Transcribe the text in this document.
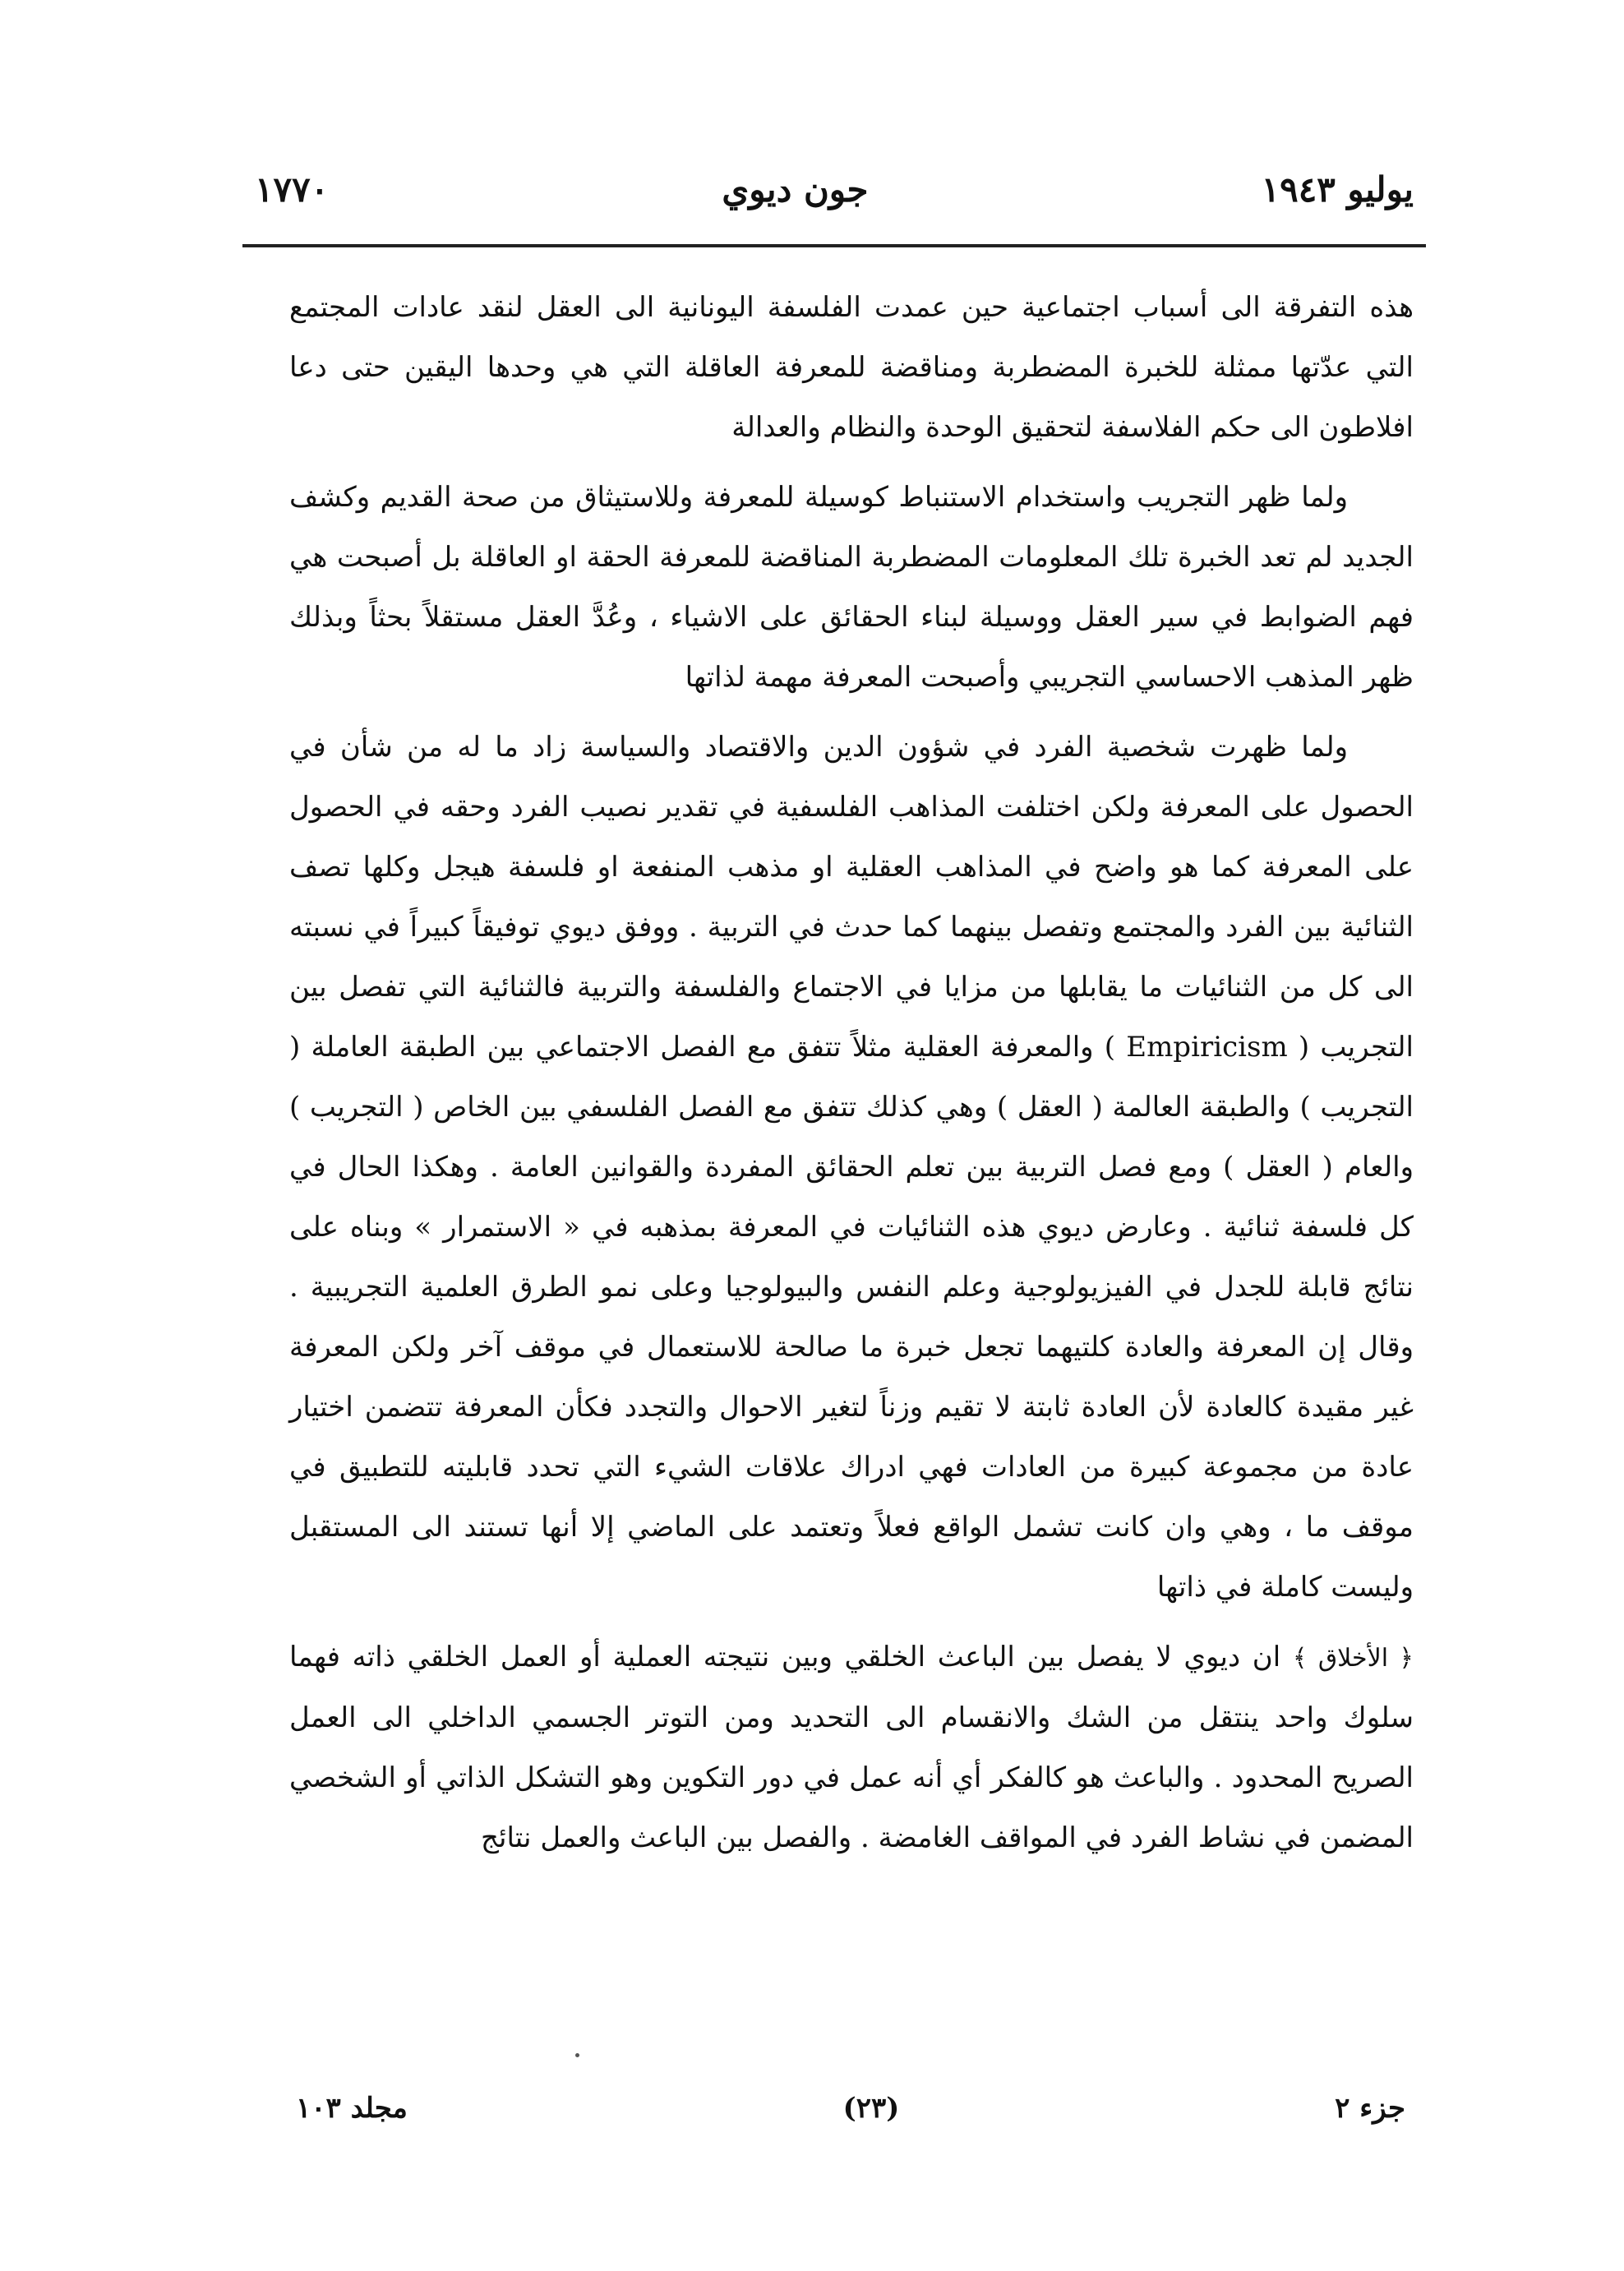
يوليو ١٩٤٣
جون ديوي
١٧٧٠

هذه التفرقة الى أسباب اجتماعية حين عمدت الفلسفة اليونانية الى العقل لنقد عادات المجتمع التي عدّتها ممثلة للخبرة المضطربة ومناقضة للمعرفة العاقلة التي هي وحدها اليقين حتى دعا افلاطون الى حكم الفلاسفة لتحقيق الوحدة والنظام والعدالة

ولما ظهر التجريب واستخدام الاستنباط كوسيلة للمعرفة وللاستيثاق من صحة القديم وكشف الجديد لم تعد الخبرة تلك المعلومات المضطربة المناقضة للمعرفة الحقة او العاقلة بل أصبحت هي فهم الضوابط في سير العقل ووسيلة لبناء الحقائق على الاشياء ، وعُدَّ العقل مستقلاً بحثاً وبذلك ظهر المذهب الاحساسي التجريبي وأصبحت المعرفة مهمة لذاتها

ولما ظهرت شخصية الفرد في شؤون الدين والاقتصاد والسياسة زاد ما له من شأن في الحصول على المعرفة ولكن اختلفت المذاهب الفلسفية في تقدير نصيب الفرد وحقه في الحصول على المعرفة كما هو واضح في المذاهب العقلية او مذهب المنفعة او فلسفة هيجل وكلها تصف الثنائية بين الفرد والمجتمع وتفصل بينهما كما حدث في التربية . ووفق ديوي توفيقاً كبيراً في نسبته الى كل من الثنائيات ما يقابلها من مزايا في الاجتماع والفلسفة والتربية فالثنائية التي تفصل بين التجريب ( Empiricism ) والمعرفة العقلية مثلاً تتفق مع الفصل الاجتماعي بين الطبقة العاملة ( التجريب ) والطبقة العالمة ( العقل ) وهي كذلك تتفق مع الفصل الفلسفي بين الخاص ( التجريب ) والعام ( العقل ) ومع فصل التربية بين تعلم الحقائق المفردة والقوانين العامة . وهكذا الحال في كل فلسفة ثنائية . وعارض ديوي هذه الثنائيات في المعرفة بمذهبه في « الاستمرار » وبناه على نتائج قابلة للجدل في الفيزيولوجية وعلم النفس والبيولوجيا وعلى نمو الطرق العلمية التجريبية . وقال إن المعرفة والعادة كلتيهما تجعل خبرة ما صالحة للاستعمال في موقف آخر ولكن المعرفة غير مقيدة كالعادة لأن العادة ثابتة لا تقيم وزناً لتغير الاحوال والتجدد فكأن المعرفة تتضمن اختيار عادة من مجموعة كبيرة من العادات فهي ادراك علاقات الشيء التي تحدد قابليته للتطبيق في موقف ما ، وهي وان كانت تشمل الواقع فعلاً وتعتمد على الماضي إلا أنها تستند الى المستقبل وليست كاملة في ذاتها

﴿ الأخلاق ﴾ ان ديوي لا يفصل بين الباعث الخلقي وبين نتيجته العملية أو العمل الخلقي ذاته فهما سلوك واحد ينتقل من الشك والانقسام الى التحديد ومن التوتر الجسمي الداخلي الى العمل الصريح المحدود . والباعث هو كالفكر أي أنه عمل في دور التكوين وهو التشكل الذاتي أو الشخصي المضمن في نشاط الفرد في المواقف الغامضة . والفصل بين الباعث والعمل نتائج

جزء ٢
(٢٣)
مجلد ١٠٣
